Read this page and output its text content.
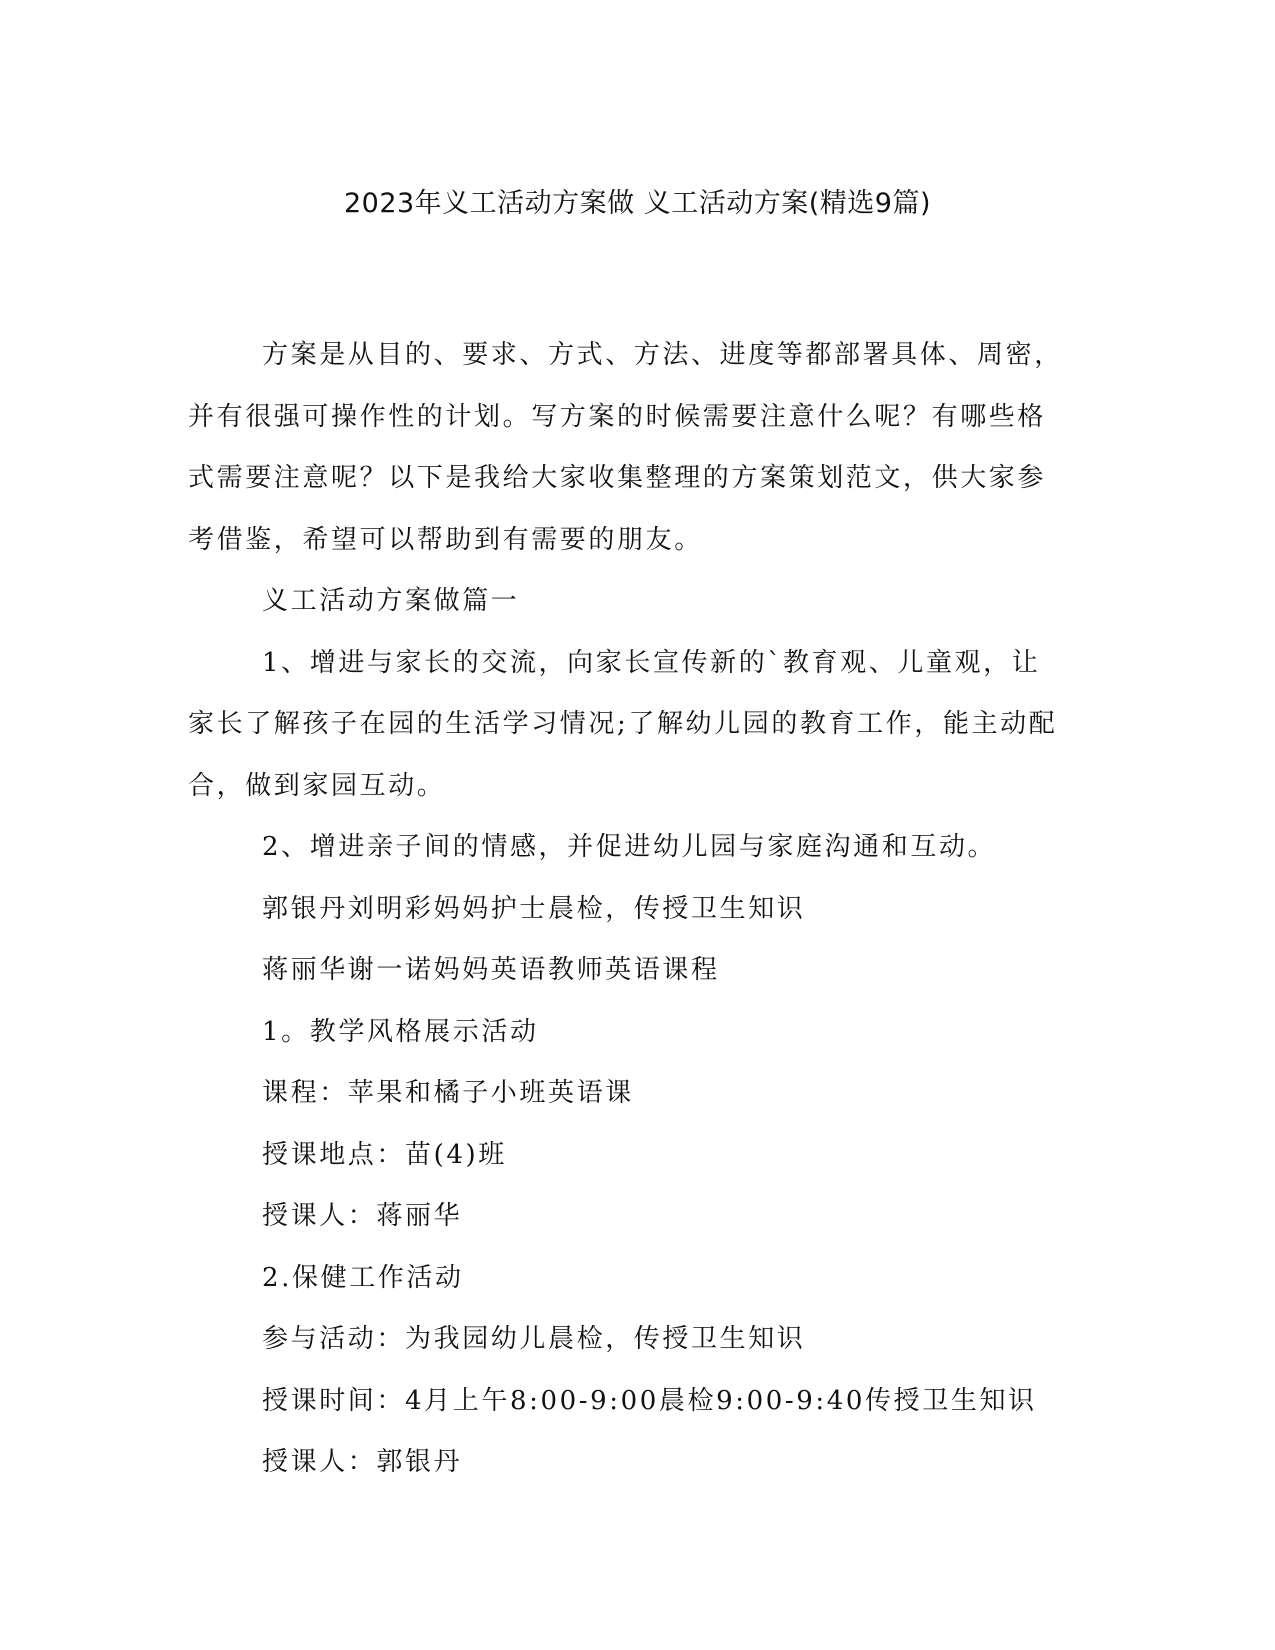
2023年义工活动方案做 义工活动方案(精选9篇)

方案是从目的、要求、方式、方法、进度等都部署具体、周密，并有很强可操作性的计划。写方案的时候需要注意什么呢？有哪些格式需要注意呢？以下是我给大家收集整理的方案策划范文，供大家参考借鉴，希望可以帮助到有需要的朋友。

义工活动方案做篇一

1、增进与家长的交流，向家长宣传新的`教育观、儿童观，让家长了解孩子在园的生活学习情况;了解幼儿园的教育工作，能主动配合，做到家园互动。

2、增进亲子间的情感，并促进幼儿园与家庭沟通和互动。

郭银丹刘明彩妈妈护士晨检，传授卫生知识

蒋丽华谢一诺妈妈英语教师英语课程

1。教学风格展示活动

课程：苹果和橘子小班英语课

授课地点：苗(4)班

授课人：蒋丽华

2.保健工作活动

参与活动：为我园幼儿晨检，传授卫生知识

授课时间：4月上午8:00-9:00晨检9:00-9:40传授卫生知识

授课人：郭银丹
